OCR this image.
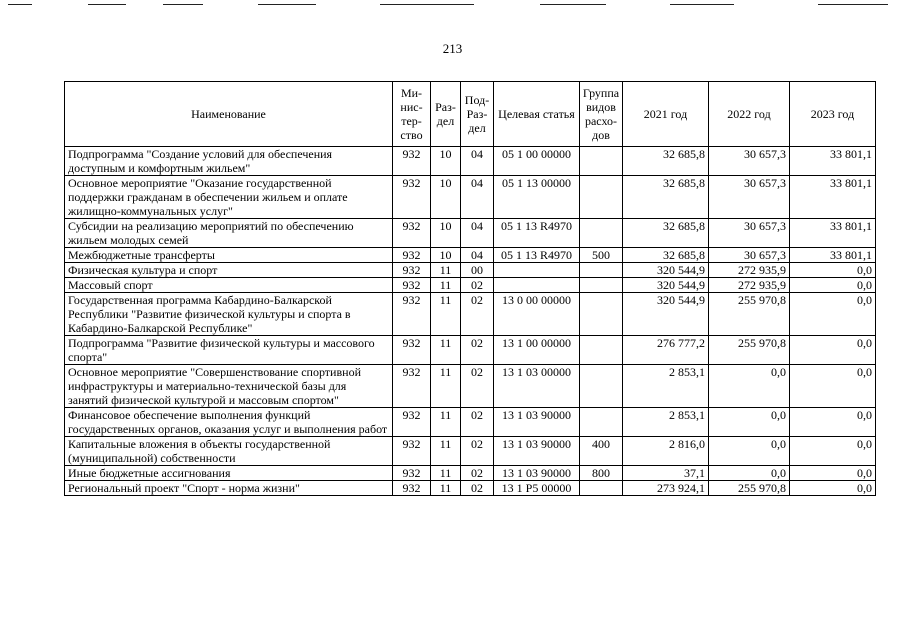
213
Наименование	Ми-нис-тер-ство	Раз-дел	Под-Раз-дел	Целевая статья	Группа видов расхо-дов	2021 год	2022 год	2023 год
Подпрограмма "Создание условий для обеспечения доступным и комфортным жильем"	932	10	04	05 1 00 00000		32 685,8	30 657,3	33 801,1
Основное мероприятие "Оказание государственной поддержки гражданам в обеспечении жильем и оплате жилищно-коммунальных услуг"	932	10	04	05 1 13 00000		32 685,8	30 657,3	33 801,1
Субсидии на реализацию мероприятий по обеспечению жильем молодых семей	932	10	04	05 1 13 R4970		32 685,8	30 657,3	33 801,1
Межбюджетные трансферты	932	10	04	05 1 13 R4970	500	32 685,8	30 657,3	33 801,1
Физическая культура и спорт	932	11	00			320 544,9	272 935,9	0,0
Массовый спорт	932	11	02			320 544,9	272 935,9	0,0
Государственная программа Кабардино-Балкарской Республики "Развитие физической культуры и спорта в Кабардино-Балкарской Республике"	932	11	02	13 0 00 00000		320 544,9	255 970,8	0,0
Подпрограмма "Развитие физической культуры и массового спорта"	932	11	02	13 1 00 00000		276 777,2	255 970,8	0,0
Основное мероприятие "Совершенствование спортивной инфраструктуры и материально-технической базы для занятий физической культурой и массовым спортом"	932	11	02	13 1 03 00000		2 853,1	0,0	0,0
Финансовое обеспечение выполнения функций государственных органов, оказания услуг и выполнения работ	932	11	02	13 1 03 90000		2 853,1	0,0	0,0
Капитальные вложения в объекты государственной (муниципальной) собственности	932	11	02	13 1 03 90000	400	2 816,0	0,0	0,0
Иные бюджетные ассигнования	932	11	02	13 1 03 90000	800	37,1	0,0	0,0
Региональный проект "Спорт - норма жизни"	932	11	02	13 1 P5 00000		273 924,1	255 970,8	0,0
